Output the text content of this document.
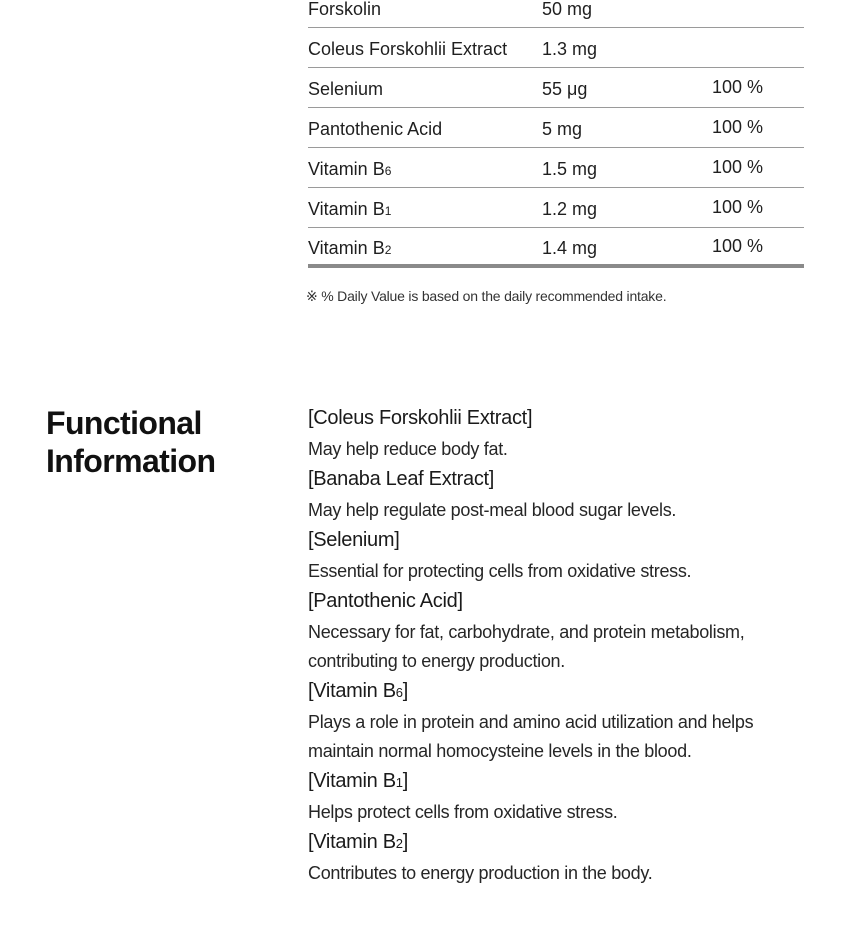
Forskolin	50 mg
Coleus Forskohlii Extract 1.3 mg
Selenium	55 μg	100 %
Pantothenic Acid	5 mg	100 %
Vitamin B6	1.5 mg	100 %
Vitamin B1	1.2 mg	100 %
Vitamin B2	1.4 mg	100 %
※ % Daily Value is based on the daily recommended intake.
Functional
Information
[Coleus Forskohlii Extract]
May help reduce body fat.
[Banaba Leaf Extract]
May help regulate post-meal blood sugar levels.
[Selenium]
Essential for protecting cells from oxidative stress.
[Pantothenic Acid]
Necessary for fat, carbohydrate, and protein metabolism, contributing to energy production.
[Vitamin B6]
Plays a role in protein and amino acid utilization and helps maintain normal homocysteine levels in the blood.
[Vitamin B1]
Helps protect cells from oxidative stress.
[Vitamin B2]
Contributes to energy production in the body.
